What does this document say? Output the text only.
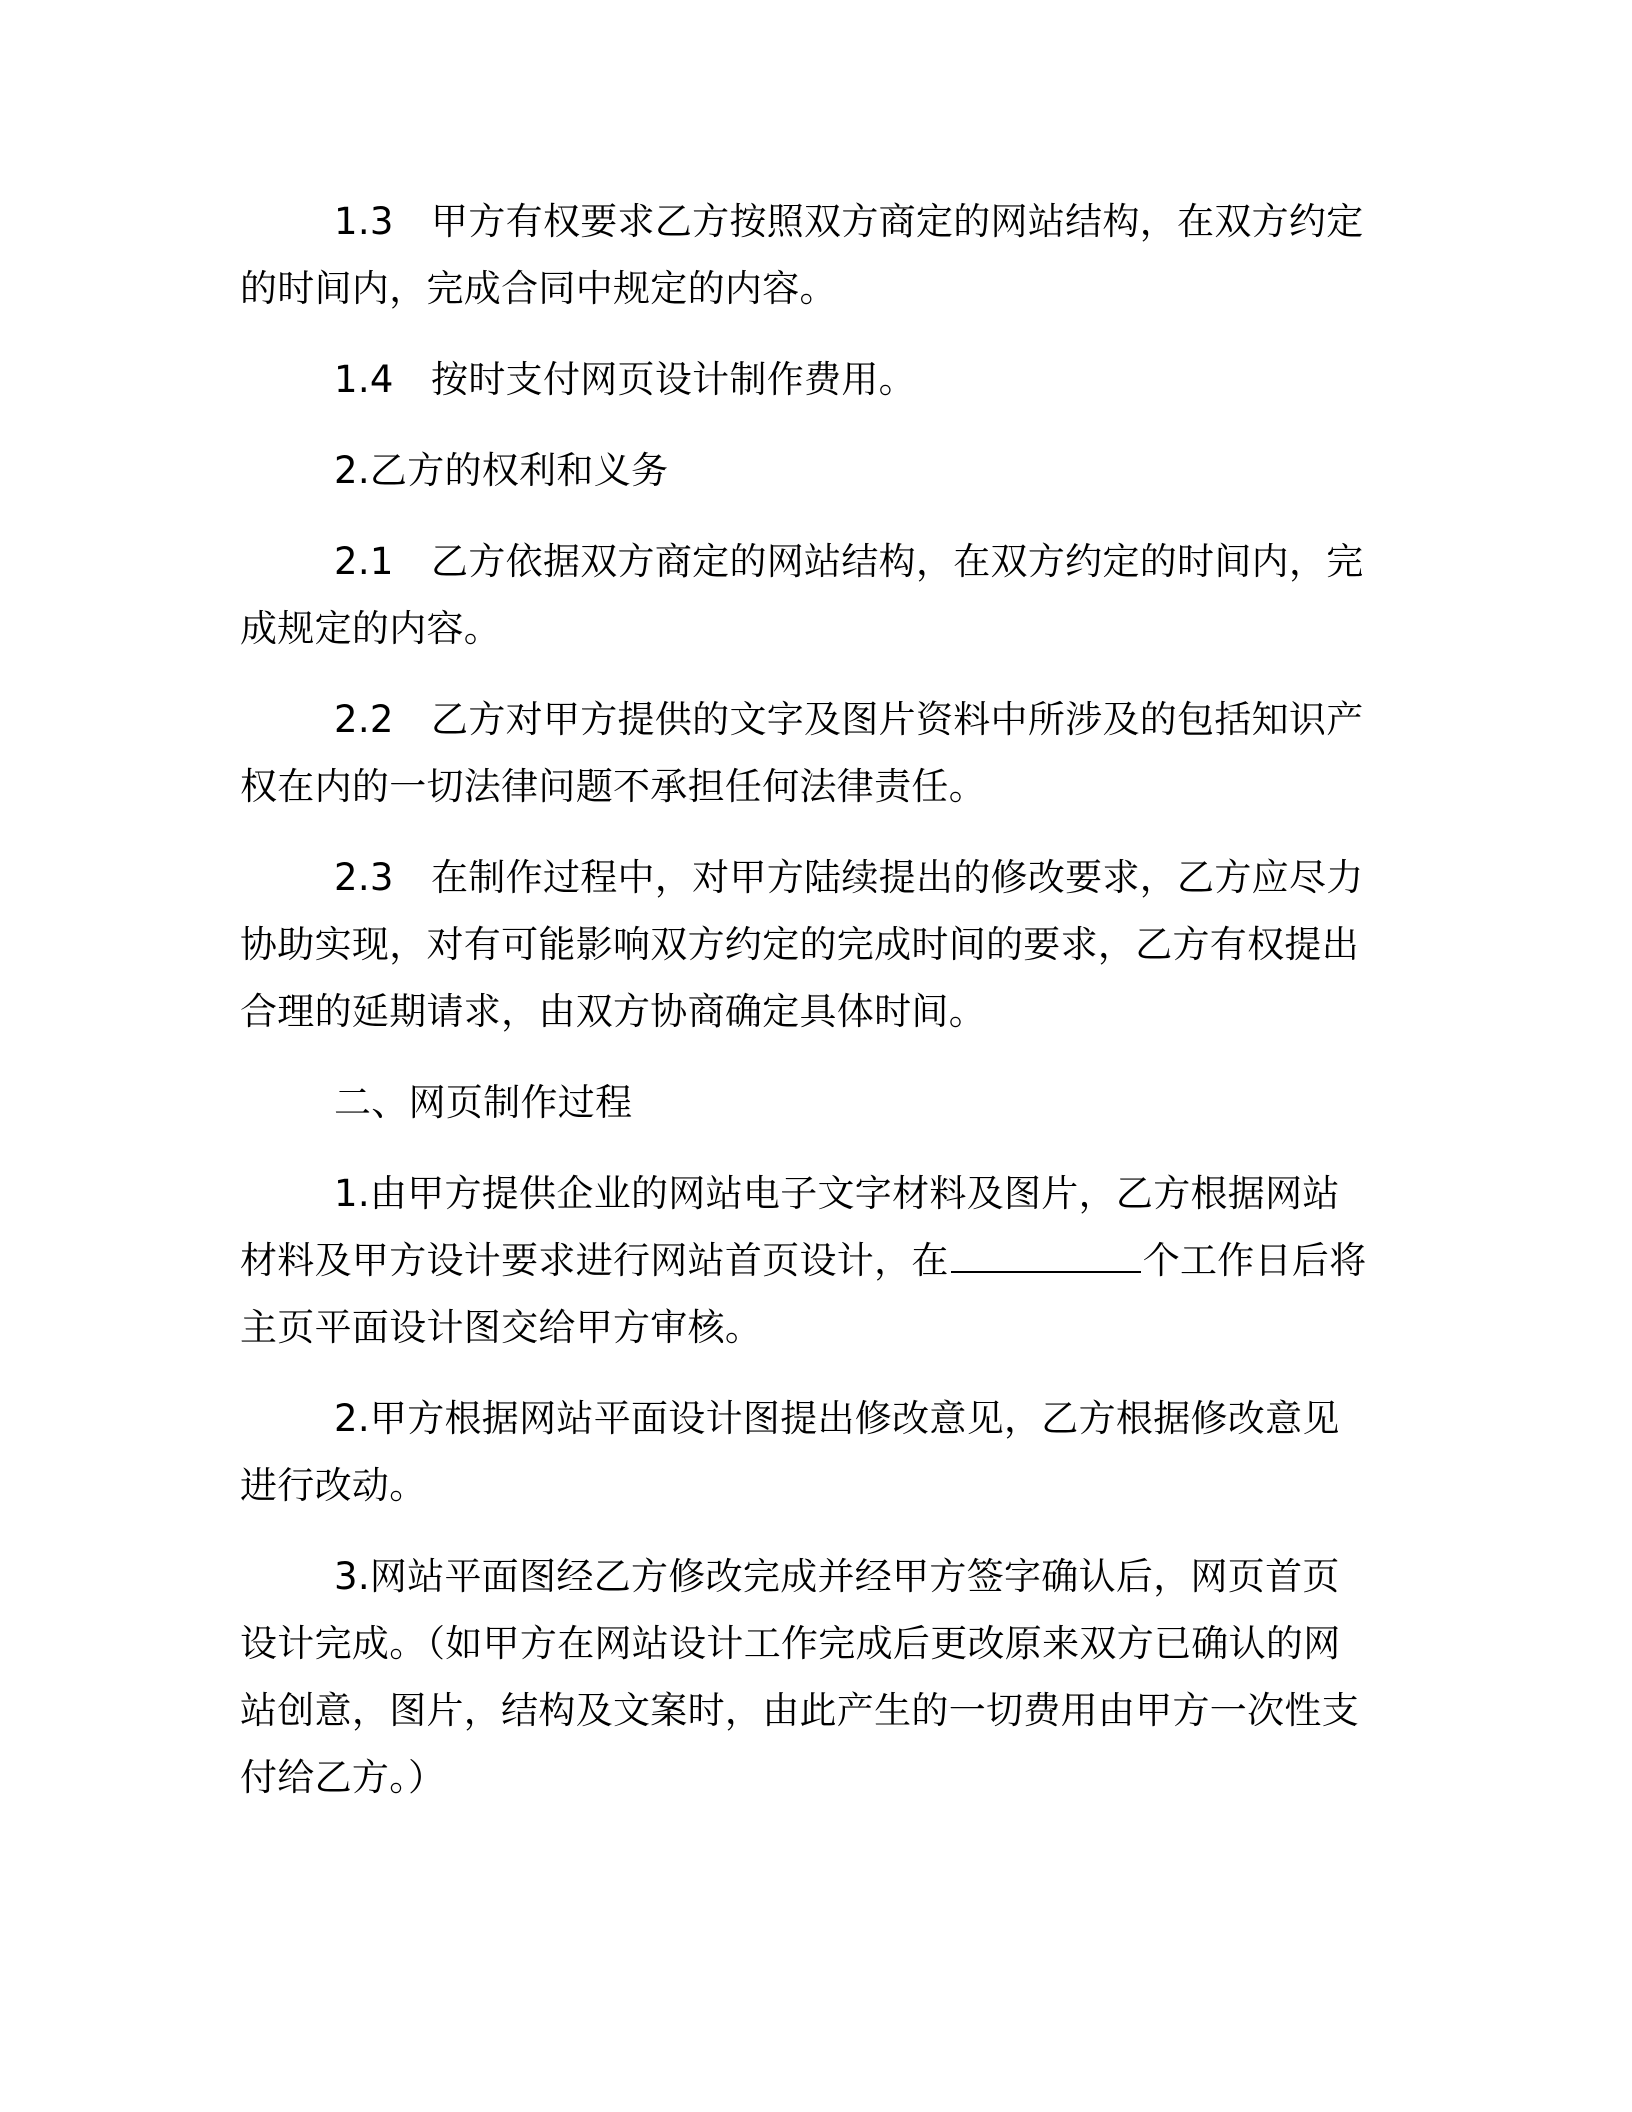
1.3　甲方有权要求乙方按照双方商定的网站结构，在双方约定的时间内，完成合同中规定的内容。

1.4　按时支付网页设计制作费用。

2.乙方的权利和义务

2.1　乙方依据双方商定的网站结构，在双方约定的时间内，完成规定的内容。

2.2　乙方对甲方提供的文字及图片资料中所涉及的包括知识产权在内的一切法律问题不承担任何法律责任。

2.3　在制作过程中，对甲方陆续提出的修改要求，乙方应尽力协助实现，对有可能影响双方约定的完成时间的要求，乙方有权提出合理的延期请求，由双方协商确定具体时间。

二、网页制作过程

1.由甲方提供企业的网站电子文字材料及图片，乙方根据网站材料及甲方设计要求进行网站首页设计，在	个工作日后将主页平面设计图交给甲方审核。

2.甲方根据网站平面设计图提出修改意见，乙方根据修改意见进行改动。

3.网站平面图经乙方修改完成并经甲方签字确认后，网页首页设计完成。（如甲方在网站设计工作完成后更改原来双方已确认的网站创意，图片，结构及文案时，由此产生的一切费用由甲方一次性支付给乙方。）
